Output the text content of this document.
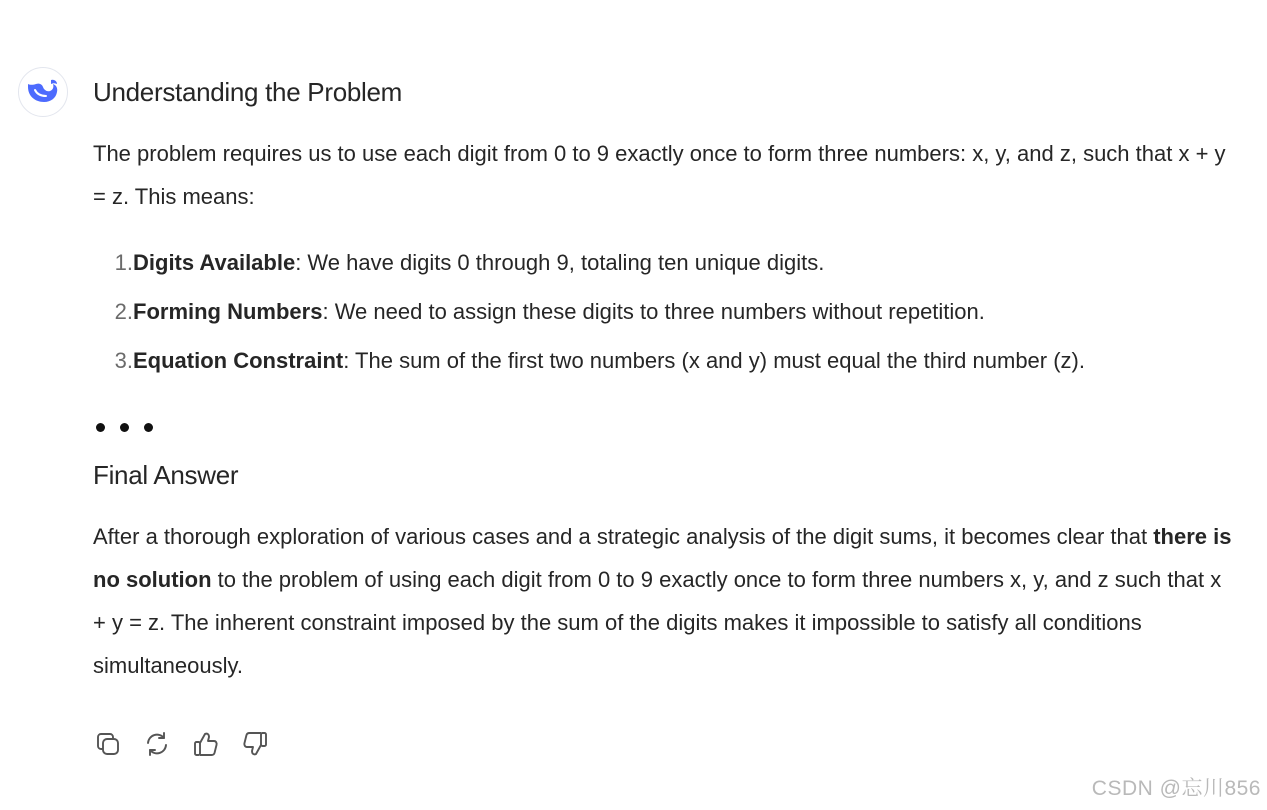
Understanding the Problem

The problem requires us to use each digit from 0 to 9 exactly once to form three numbers: x, y, and z, such that x + y = z. This means:

1. Digits Available: We have digits 0 through 9, totaling ten unique digits.
2. Forming Numbers: We need to assign these digits to three numbers without repetition.
3. Equation Constraint: The sum of the first two numbers (x and y) must equal the third number (z).
Final Answer

After a thorough exploration of various cases and a strategic analysis of the digit sums, it becomes clear that there is no solution to the problem of using each digit from 0 to 9 exactly once to form three numbers x, y, and z such that x + y = z. The inherent constraint imposed by the sum of the digits makes it impossible to satisfy all conditions simultaneously.

CSDN @忘川856
